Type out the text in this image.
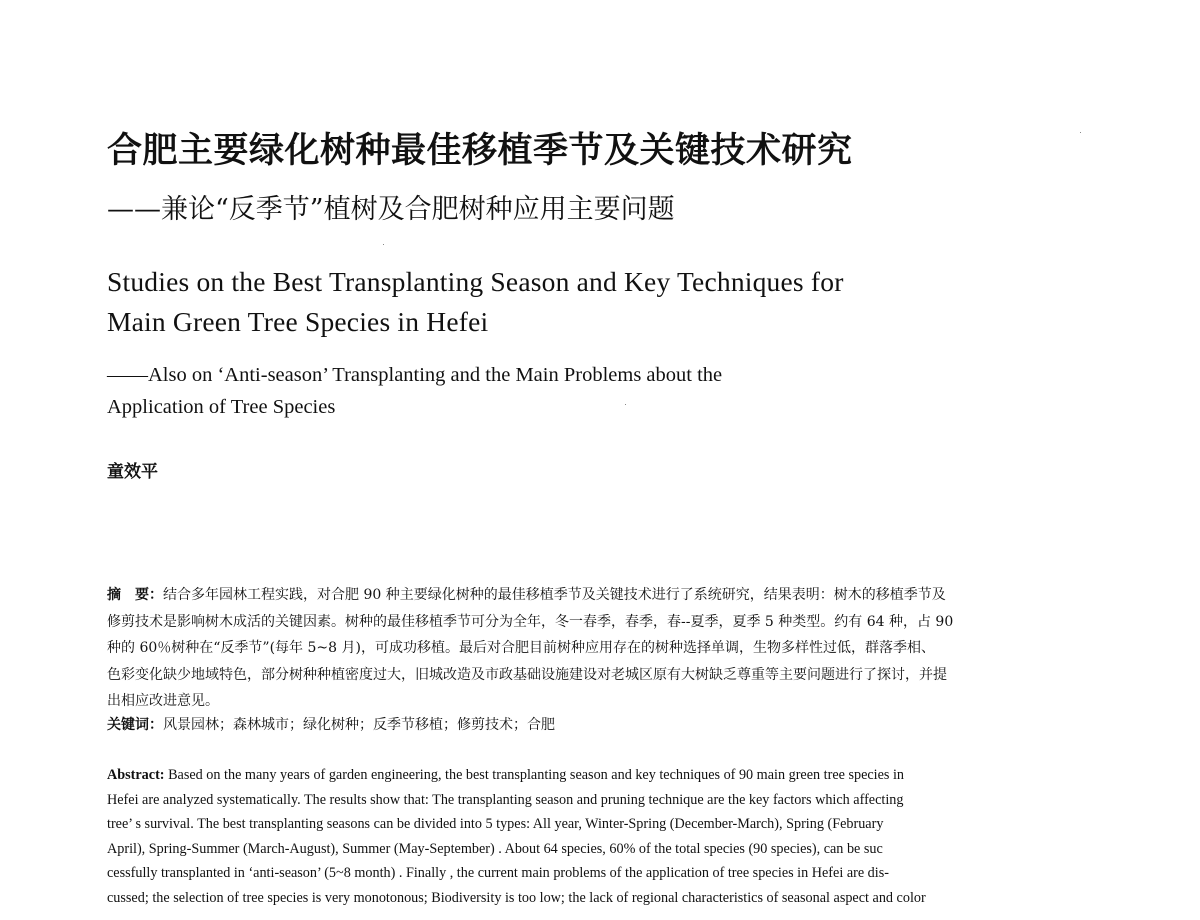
合肥主要绿化树种最佳移植季节及关键技术研究
——兼论“反季节”植树及合肥树种应用主要问题
Studies on the Best Transplanting Season and Key Techniques for
Main Green Tree Species in Hefei
——Also on ‘Anti-season’ Transplanting and the Main Problems about the
Application of Tree Species
童效平
摘　要：结合多年园林工程实践，对合肥 90 种主要绿化树种的最佳移植季节及关键技术进行了系统研究，结果表明：树木的移植季节及
修剪技术是影响树木成活的关键因素。树种的最佳移植季节可分为全年，冬一春季，春季，春--夏季，夏季 5 种类型。约有 64 种，占 90
种的 60％树种在“反季节”(每年 5~8 月)，可成功移植。最后对合肥目前树种应用存在的树种选择单调，生物多样性过低，群落季相、
色彩变化缺少地域特色，部分树种种植密度过大，旧城改造及市政基础设施建设对老城区原有大树缺乏尊重等主要问题进行了探讨，并提
出相应改进意见。
关键词：风景园林；森林城市；绿化树种；反季节移植；修剪技术；合肥
Abstract: Based on the many years of garden engineering, the best transplanting season and key techniques of 90 main green tree species in
Hefei are analyzed systematically. The results show that: The transplanting season and pruning technique are the key factors which affecting
tree’ s survival. The best transplanting seasons can be divided into 5 types: All year, Winter-Spring (December-March), Spring (February
April), Spring-Summer (March-August), Summer (May-September) . About 64 species, 60% of the total species (90 species), can be suc
cessfully transplanted in ‘anti-season’ (5~8 month) . Finally , the current main problems of the application of tree species in Hefei are dis-
cussed; the selection of tree species is very monotonous; Biodiversity is too low; the lack of regional characteristics of seasonal aspect and color
